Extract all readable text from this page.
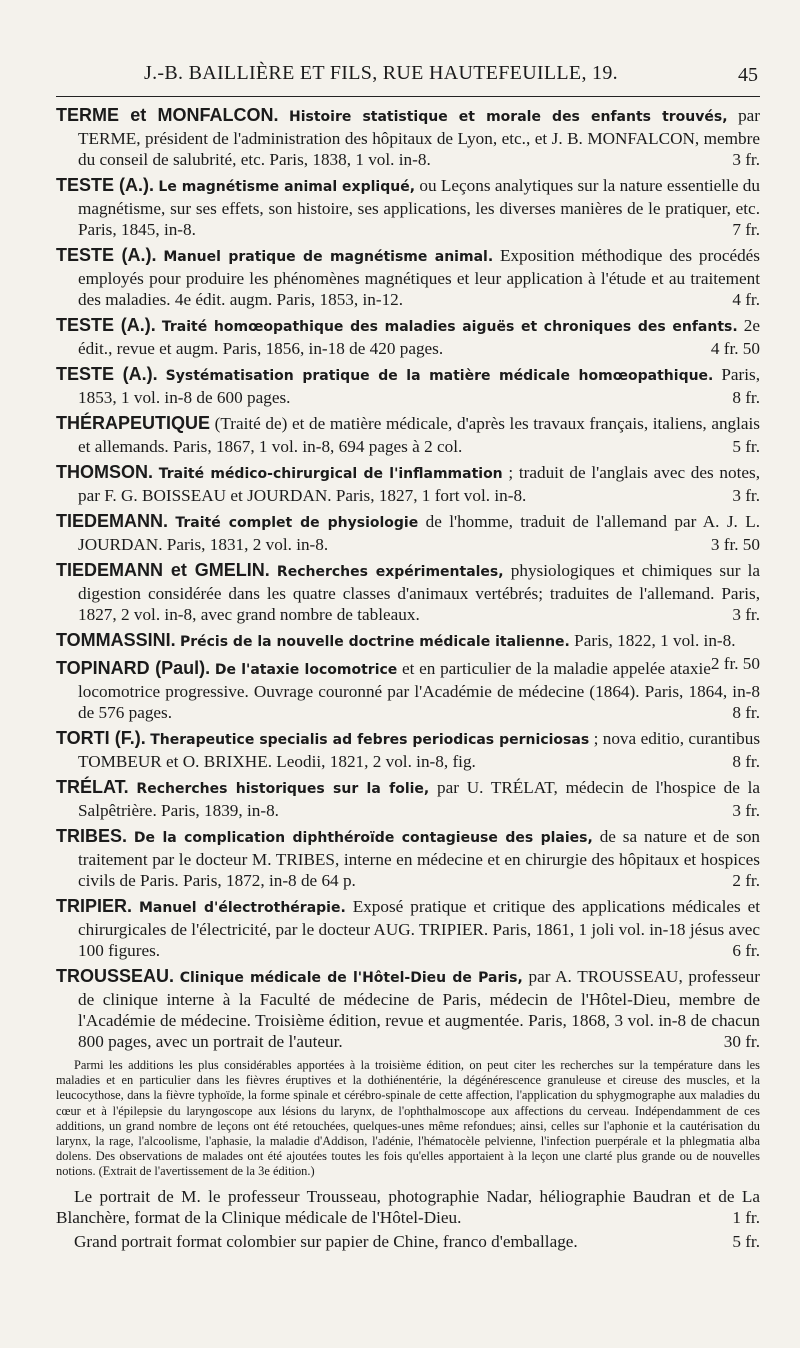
J.-B. BAILLIÈRE ET FILS, RUE HAUTEFEUILLE, 19.	45

TERME et MONFALCON. Histoire statistique et morale des enfants trouvés, par TERME, président de l'administration des hôpitaux de Lyon, etc., et J. B. MONFALCON, membre du conseil de salubrité, etc. Paris, 1838, 1 vol. in-8.	3 fr.

TESTE (A.). Le magnétisme animal expliqué, ou Leçons analytiques sur la nature essentielle du magnétisme, sur ses effets, son histoire, ses applications, les diverses manières de le pratiquer, etc. Paris, 1845, in-8.	7 fr.

TESTE (A.). Manuel pratique de magnétisme animal. Exposition méthodique des procédés employés pour produire les phénomènes magnétiques et leur application à l'étude et au traitement des maladies. 4e édit. augm. Paris, 1853, in-12.	4 fr.

TESTE (A.). Traité homœopathique des maladies aiguës et chroniques des enfants. 2e édit., revue et augm. Paris, 1856, in-18 de 420 pages.	4 fr. 50

TESTE (A.). Systématisation pratique de la matière médicale homœopathique. Paris, 1853, 1 vol. in-8 de 600 pages.	8 fr.

THÉRAPEUTIQUE (Traité de) et de matière médicale, d'après les travaux français, italiens, anglais et allemands. Paris, 1867, 1 vol. in-8, 694 pages à 2 col.	5 fr.

THOMSON. Traité médico-chirurgical de l'inflammation ; traduit de l'anglais avec des notes, par F. G. BOISSEAU et JOURDAN. Paris, 1827, 1 fort vol. in-8.	3 fr.

TIEDEMANN. Traité complet de physiologie de l'homme, traduit de l'allemand par A. J. L. JOURDAN. Paris, 1831, 2 vol. in-8.	3 fr. 50

TIEDEMANN et GMELIN. Recherches expérimentales, physiologiques et chimiques sur la digestion considérée dans les quatre classes d'animaux vertébrés; traduites de l'allemand. Paris, 1827, 2 vol. in-8, avec grand nombre de tableaux.	3 fr.

TOMMASSINI. Précis de la nouvelle doctrine médicale italienne. Paris, 1822, 1 vol. in-8.
2 fr. 50

TOPINARD (Paul). De l'ataxie locomotrice et en particulier de la maladie appelée ataxie locomotrice progressive. Ouvrage couronné par l'Académie de médecine (1864). Paris, 1864, in-8 de 576 pages.	8 fr.

TORTI (F.). Therapeutice specialis ad febres periodicas perniciosas ; nova editio, curantibus TOMBEUR et O. BRIXHE. Leodii, 1821, 2 vol. in-8, fig.	8 fr.

TRÉLAT. Recherches historiques sur la folie, par U. TRÉLAT, médecin de l'hospice de la Salpêtrière. Paris, 1839, in-8.	3 fr.

TRIBES. De la complication diphthéroïde contagieuse des plaies, de sa nature et de son traitement par le docteur M. TRIBES, interne en médecine et en chirurgie des hôpitaux et hospices civils de Paris. Paris, 1872, in-8 de 64 p.	2 fr.

TRIPIER. Manuel d'électrothérapie. Exposé pratique et critique des applications médicales et chirurgicales de l'électricité, par le docteur AUG. TRIPIER. Paris, 1861, 1 joli vol. in-18 jésus avec 100 figures.	6 fr.

TROUSSEAU. Clinique médicale de l'Hôtel-Dieu de Paris, par A. TROUSSEAU, professeur de clinique interne à la Faculté de médecine de Paris, médecin de l'Hôtel-Dieu, membre de l'Académie de médecine. Troisième édition, revue et augmentée. Paris, 1868, 3 vol. in-8 de chacun 800 pages, avec un portrait de l'auteur.	30 fr.

Parmi les additions les plus considérables apportées à la troisième édition, on peut citer les recherches sur la température dans les maladies et en particulier dans les fièvres éruptives et la dothiénentérie, la dégénérescence granuleuse et cireuse des muscles, et la leucocythose, dans la fièvre typhoïde, la forme spinale et cérébro-spinale de cette affection, l'application du sphygmographe aux maladies du cœur et à l'épilepsie du laryngoscope aux lésions du larynx, de l'ophthalmoscope aux affections du cerveau. Indépendamment de ces additions, un grand nombre de leçons ont été retouchées, quelques-unes même refondues; ainsi, celles sur l'aphonie et la cautérisation du larynx, la rage, l'alcoolisme, l'aphasie, la maladie d'Addison, l'adénie, l'hématocèle pelvienne, l'infection puerpérale et la phlegmatia alba dolens. Des observations de malades ont été ajoutées toutes les fois qu'elles apportaient à la leçon une clarté plus grande ou de nouvelles notions. (Extrait de l'avertissement de la 3e édition.)

Le portrait de M. le professeur Trousseau, photographie Nadar, héliographie Baudran et de La Blanchère, format de la Clinique médicale de l'Hôtel-Dieu.	1 fr.

Grand portrait format colombier sur papier de Chine, franco d'emballage.	5 fr.
